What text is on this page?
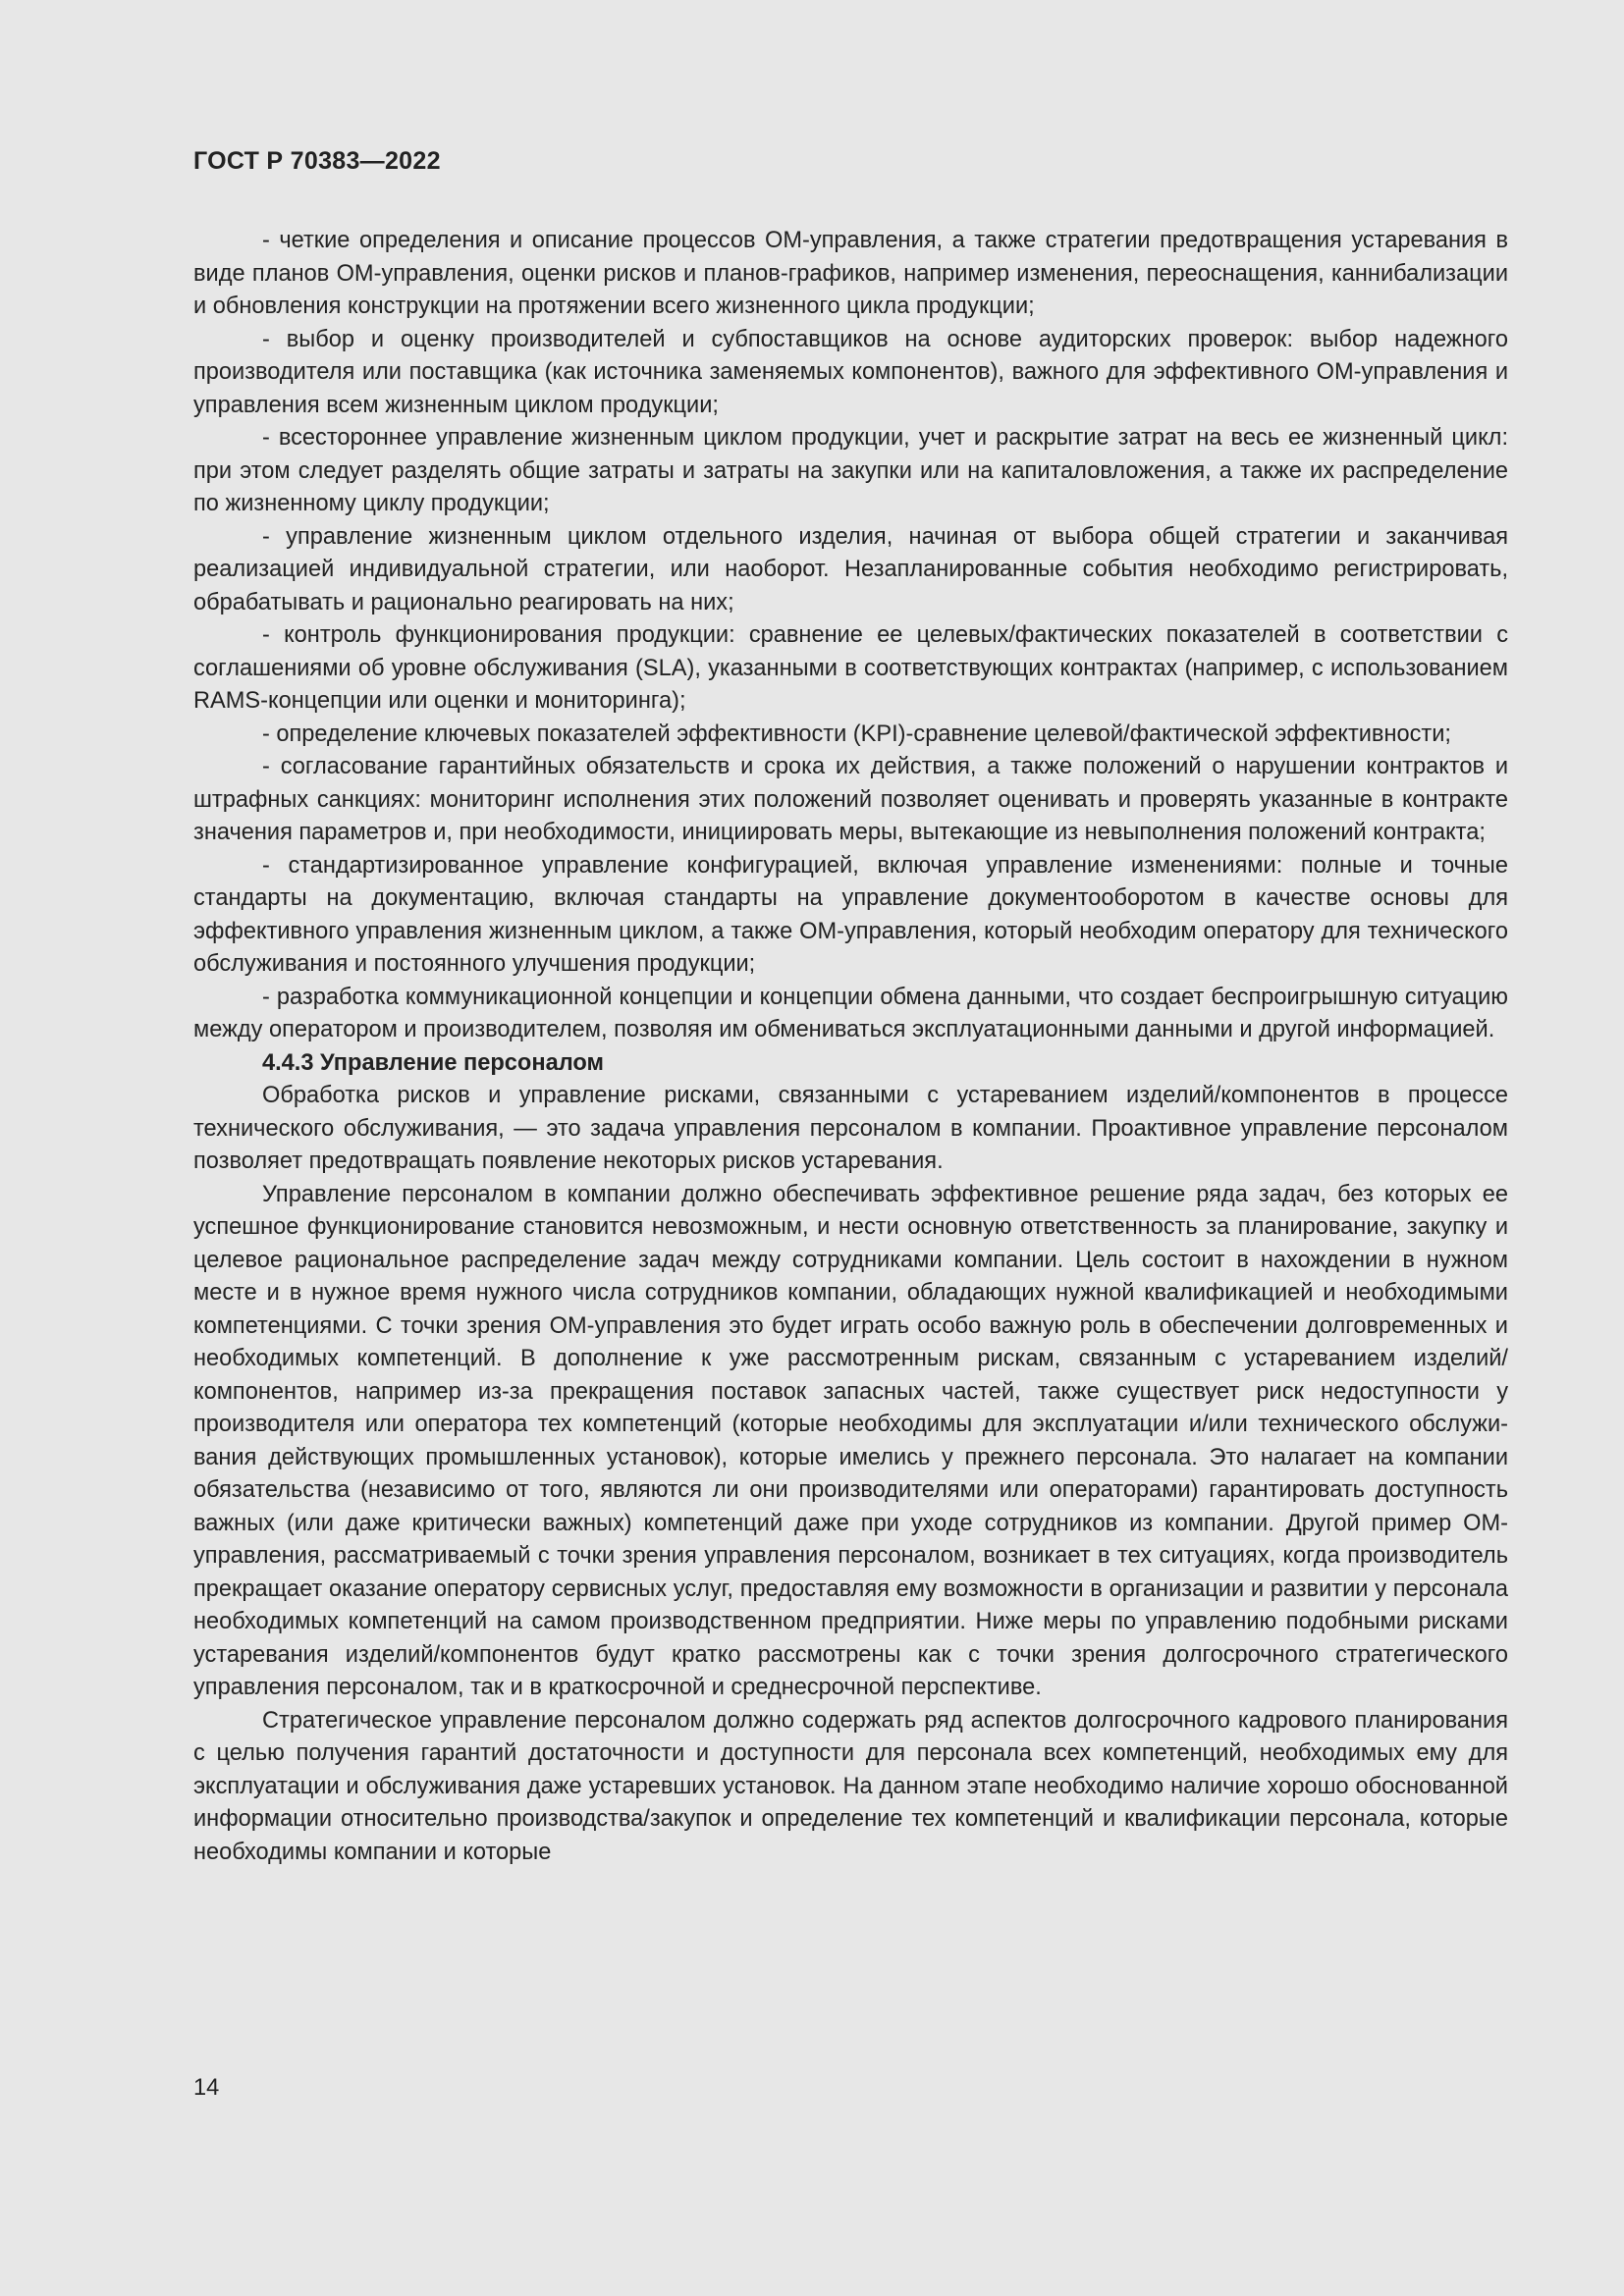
ГОСТ Р 70383—2022

- четкие определения и описание процессов ОМ-управления, а также стратегии предотвращения устаревания в виде планов ОМ-управления, оценки рисков и планов-графиков, например изменения, переоснащения, каннибализации и обновления конструкции на протяжении всего жизненного цикла продукции;

- выбор и оценку производителей и субпоставщиков на основе аудиторских проверок: выбор надежного производителя или поставщика (как источника заменяемых компонентов), важного для эффективного ОМ-управления и управления всем жизненным циклом продукции;

- всестороннее управление жизненным циклом продукции, учет и раскрытие затрат на весь ее жизненный цикл: при этом следует разделять общие затраты и затраты на закупки или на капиталовложения, а также их распределение по жизненному циклу продукции;

- управление жизненным циклом отдельного изделия, начиная от выбора общей стратегии и заканчивая реализацией индивидуальной стратегии, или наоборот. Незапланированные события необходимо регистрировать, обрабатывать и рационально реагировать на них;

- контроль функционирования продукции: сравнение ее целевых/фактических показателей в соответствии с соглашениями об уровне обслуживания (SLA), указанными в соответствующих контрактах (например, с использованием RAMS-концепции или оценки и мониторинга);

- определение ключевых показателей эффективности (KPI)-сравнение целевой/фактической эффективности;

- согласование гарантийных обязательств и срока их действия, а также положений о нарушении контрактов и штрафных санкциях: мониторинг исполнения этих положений позволяет оценивать и проверять указанные в контракте значения параметров и, при необходимости, инициировать меры, вытекающие из невыполнения положений контракта;

- стандартизированное управление конфигурацией, включая управление изменениями: полные и точные стандарты на документацию, включая стандарты на управление документооборотом в качестве основы для эффективного управления жизненным циклом, а также ОМ-управления, который необходим оператору для технического обслуживания и постоянного улучшения продукции;

- разработка коммуникационной концепции и концепции обмена данными, что создает беспроигрышную ситуацию между оператором и производителем, позволяя им обмениваться эксплуатационными данными и другой информацией.

4.4.3 Управление персоналом

Обработка рисков и управление рисками, связанными с устареванием изделий/компонентов в процессе технического обслуживания, — это задача управления персоналом в компании. Проактивное управление персоналом позволяет предотвращать появление некоторых рисков устаревания.

Управление персоналом в компании должно обеспечивать эффективное решение ряда задач, без которых ее успешное функционирование становится невозможным, и нести основную ответственность за планирование, закупку и целевое рациональное распределение задач между сотрудниками компании. Цель состоит в нахождении в нужном месте и в нужное время нужного числа сотрудников компании, обладающих нужной квалификацией и необходимыми компетенциями. С точки зрения ОМ-управления это будет играть особо важную роль в обеспечении долговременных и необходимых компетенций. В дополнение к уже рассмотренным рискам, связанным с устареванием изделий/компонентов, например из-за прекращения поставок запасных частей, также существует риск недоступности у производителя или оператора тех компетенций (которые необходимы для эксплуатации и/или технического обслуживания действующих промышленных установок), которые имелись у прежнего персонала. Это налагает на компании обязательства (независимо от того, являются ли они производителями или операторами) гарантировать доступность важных (или даже критически важных) компетенций даже при уходе сотрудников из компании. Другой пример ОМ-управления, рассматриваемый с точки зрения управления персоналом, возникает в тех ситуациях, когда производитель прекращает оказание оператору сервисных услуг, предоставляя ему возможности в организации и развитии у персонала необходимых компетенций на самом производственном предприятии. Ниже меры по управлению подобными рисками устаревания изделий/компонентов будут кратко рассмотрены как с точки зрения долгосрочного стратегического управления персоналом, так и в краткосрочной и среднесрочной перспективе.

Стратегическое управление персоналом должно содержать ряд аспектов долгосрочного кадрового планирования с целью получения гарантий достаточности и доступности для персонала всех компетенций, необходимых ему для эксплуатации и обслуживания даже устаревших установок. На данном этапе необходимо наличие хорошо обоснованной информации относительно производства/закупок и определение тех компетенций и квалификации персонала, которые необходимы компании и которые

14
